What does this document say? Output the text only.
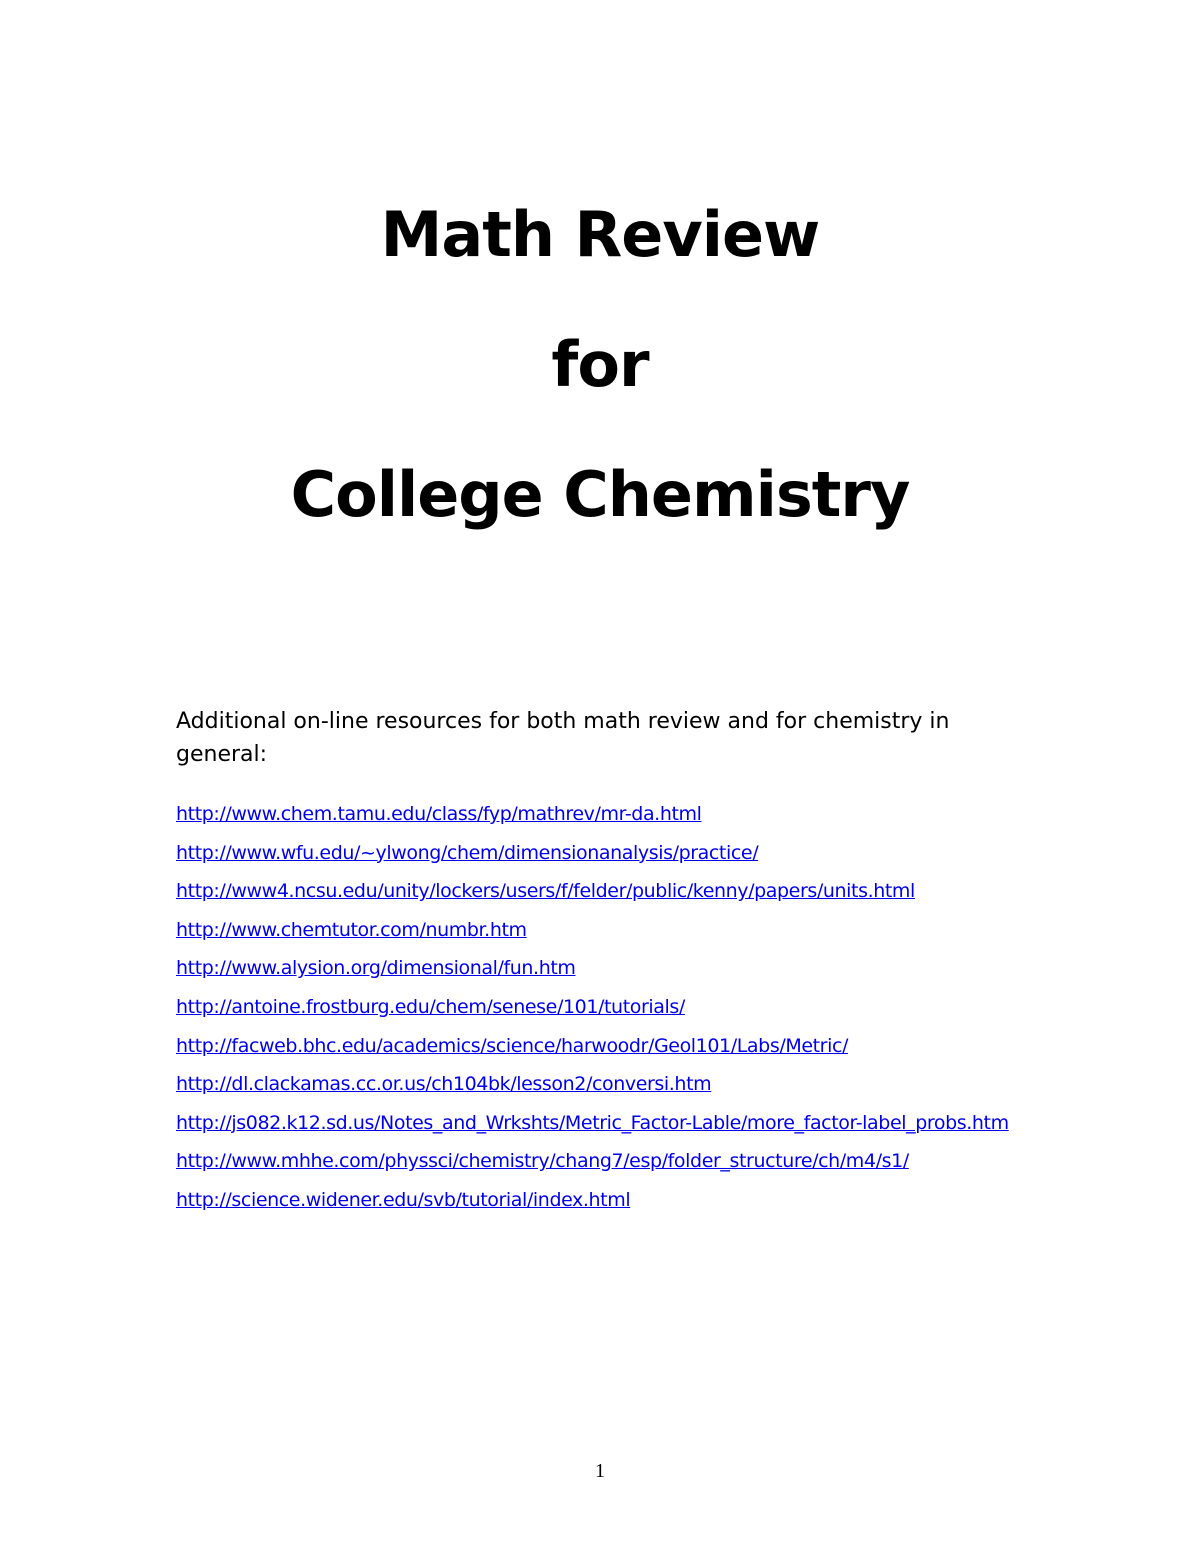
Math Review
for
College Chemistry

Additional on-line resources for both math review and for chemistry in general:

http://www.chem.tamu.edu/class/fyp/mathrev/mr-da.html
http://www.wfu.edu/~ylwong/chem/dimensionanalysis/practice/
http://www4.ncsu.edu/unity/lockers/users/f/felder/public/kenny/papers/units.html
http://www.chemtutor.com/numbr.htm
http://www.alysion.org/dimensional/fun.htm
http://antoine.frostburg.edu/chem/senese/101/tutorials/
http://facweb.bhc.edu/academics/science/harwoodr/Geol101/Labs/Metric/
http://dl.clackamas.cc.or.us/ch104bk/lesson2/conversi.htm
http://js082.k12.sd.us/Notes_and_Wrkshts/Metric_Factor-Lable/more_factor-label_probs.htm
http://www.mhhe.com/physsci/chemistry/chang7/esp/folder_structure/ch/m4/s1/
http://science.widener.edu/svb/tutorial/index.html
1
